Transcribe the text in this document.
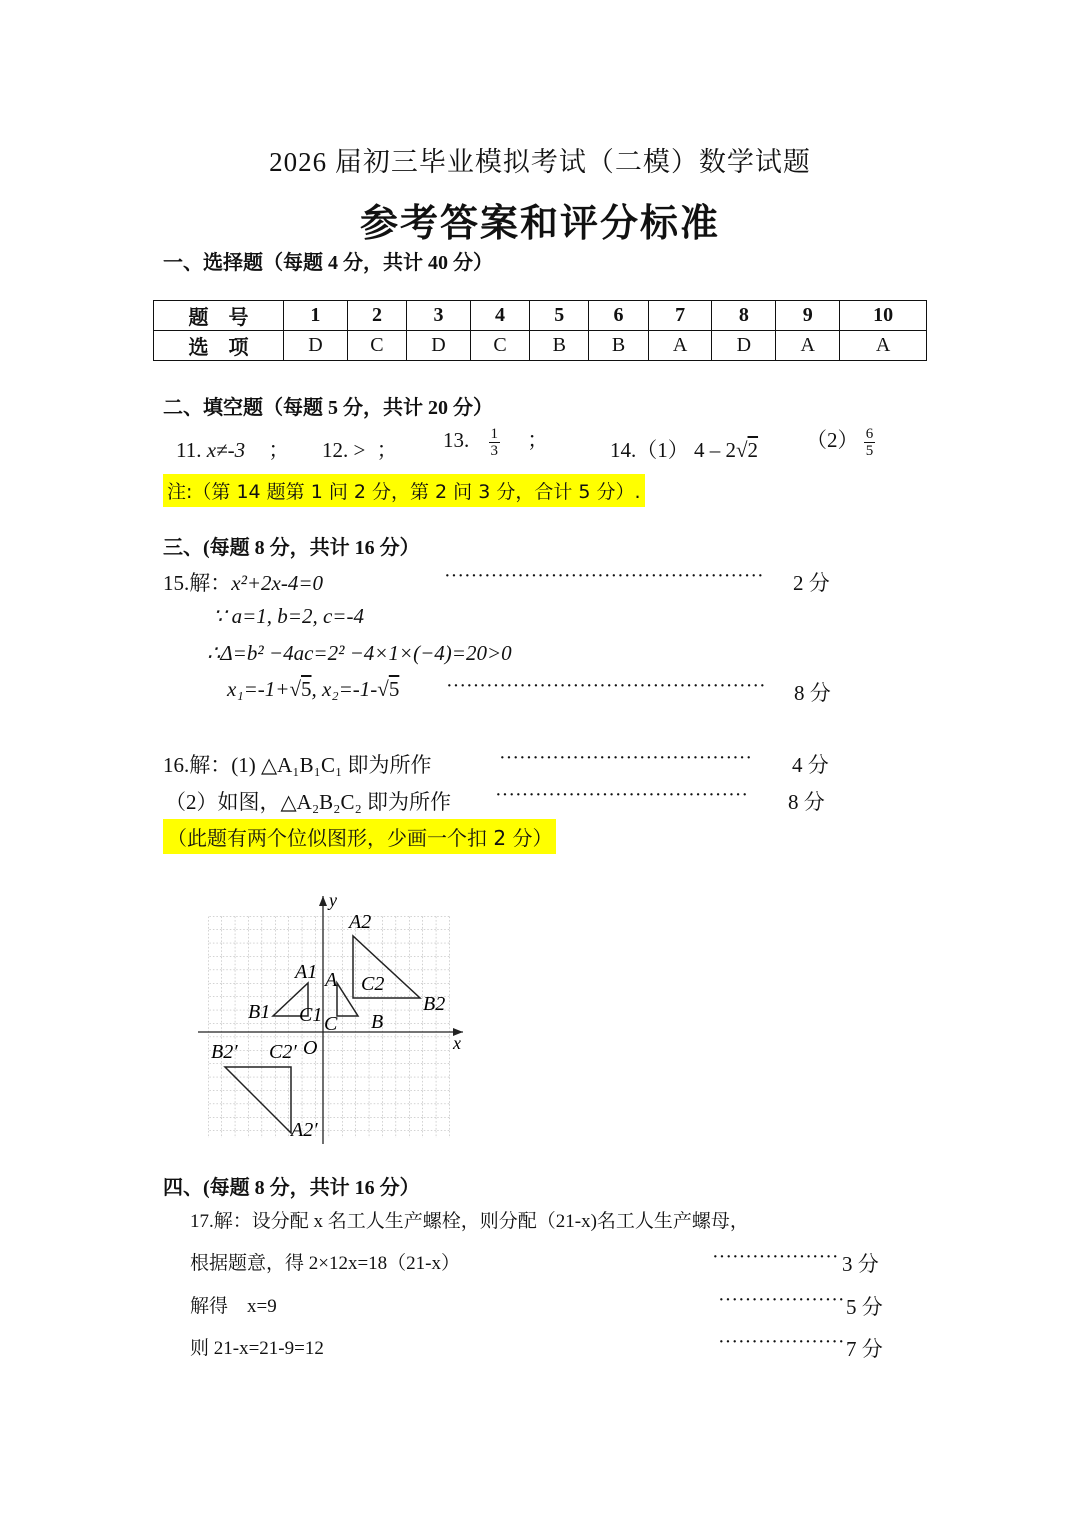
2026 届初三毕业模拟考试（二模）数学试题
参考答案和评分标准
一、选择题（每题 4 分，共计 40 分）
题　号	1	2	3	4	5	6	7	8	9	10
选　项	D	C	D	C	B	B	A	D	A	A
二、填空题（每题 5 分，共计 20 分）
11. x≠-3 ； 12. > ； 13. $\frac{1}{3}$ ；	14.（1） 4 – 2√2 $(2) \frac{6}{5}$
注:（第 14 题第 1 问 2 分，第 2 问 3 分，合计 5 分）.
三、(每题 8 分，共计 16 分）
15.解：x²+2x-4=0	················································ 2 分
∵ a=1, b=2, c=-4
∴Δ=b² −4ac=2² −4×1×(−4)=20>0
x₁=-1+√5, x₂=-1-√5 ················································ 8 分
16.解：(1) △A₁B₁C₁ 即为所作	······································ 4 分
（2）如图，△A₂B₂C₂ 即为所作 ······································ 8 分
（此题有两个位似图形，少画一个扣 2 分）
y
x
O
A
B
C
A1
B1 C1
A2
B2
C2
B2′ C2′
A2′
四、(每题 8 分，共计 16 分）
17.解：设分配 x 名工人生产螺栓，则分配（21-x)名工人生产螺母，
根据题意，得 2×12x=18（21-x）	··················· 3 分
解得　x=9	··················· 5 分
则 21-x=21-9=12	··················· 7 分
